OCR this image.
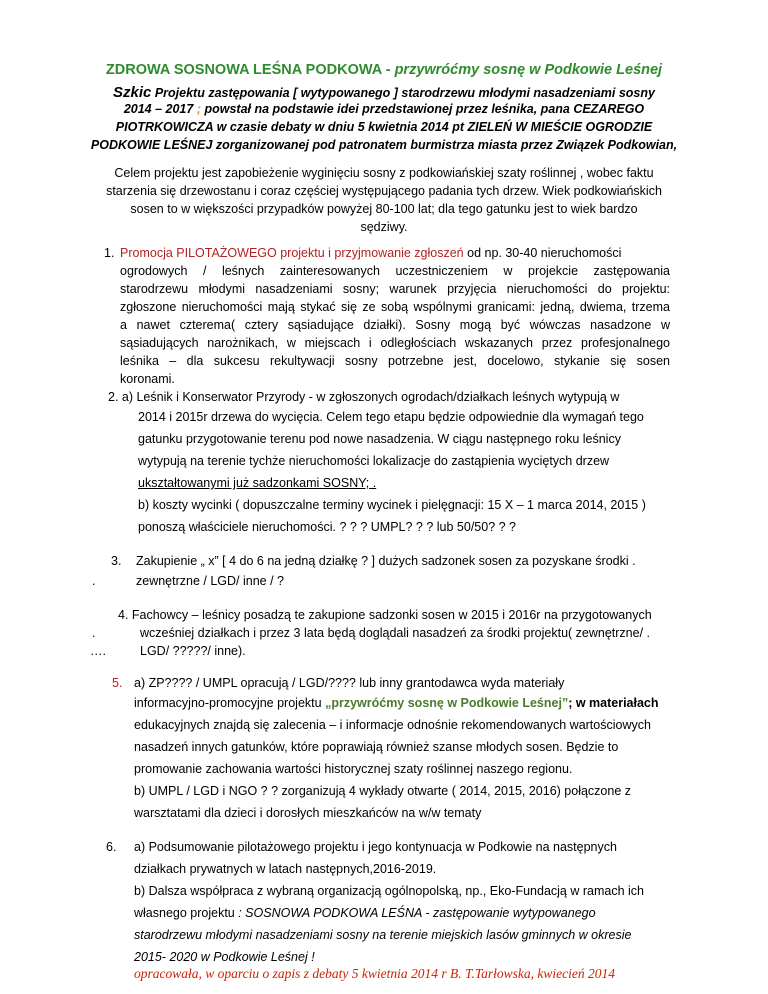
ZDROWA SOSNOWA LEŚNA PODKOWA - przywróćmy sosnę w Podkowie Leśnej
Szkic Projektu zastępowania [ wytypowanego ] starodrzewu młodymi nasadzeniami sosny
2014 – 2017 ; powstał na podstawie idei przedstawionej przez leśnika, pana CEZAREGO
PIOTRKOWICZA w czasie debaty w dniu 5 kwietnia 2014 pt ZIELEŃ W MIEŚCIE OGRODZIE
PODKOWIE LEŚNEJ zorganizowanej pod patronatem burmistrza miasta przez Związek Podkowian,
Celem projektu jest zapobieżenie wyginięciu sosny z podkowiańskiej szaty roślinnej , wobec faktu
starzenia się drzewostanu i coraz częściej występującego padania tych drzew. Wiek podkowiańskich
sosen to w większości przypadków powyżej 80-100 lat; dla tego gatunku jest to wiek bardzo
sędziwy.
1. Promocja PILOTAŻOWEGO projektu i przyjmowanie zgłoszeń od np. 30-40 nieruchomości
ogrodowych / leśnych zainteresowanych uczestniczeniem w projekcie zastępowania
starodrzewu młodymi nasadzeniami sosny; warunek przyjęcia nieruchomości do projektu:
zgłoszone nieruchomości mają stykać się ze sobą wspólnymi granicami: jedną, dwiema, trzema
a nawet czterema( cztery sąsiadujące działki). Sosny mogą być wówczas nasadzone w
sąsiadujących narożnikach, w miejscach i odległościach wskazanych przez profesjonalnego
leśnika – dla sukcesu rekultywacji sosny potrzebne jest, docelowo, stykanie się sosen
koronami.
2. a) Leśnik i Konserwator Przyrody - w zgłoszonych ogrodach/działkach leśnych wytypują w
2014 i 2015r drzewa do wycięcia. Celem tego etapu będzie odpowiednie dla wymagań tego
gatunku przygotowanie terenu pod nowe nasadzenia. W ciągu następnego roku leśnicy
wytypują na terenie tychże nieruchomości lokalizacje do zastąpienia wyciętych drzew
ukształtowanymi już sadzonkami SOSNY; .
b) koszty wycinki ( dopuszczalne terminy wycinek i pielęgnacji: 15 X – 1 marca 2014, 2015 )
ponoszą właściciele nieruchomości. ? ? ? UMPL? ? ? lub 50/50? ? ?
3. Zakupienie „ x” [ 4 do 6 na jedną działkę ? ] dużych sadzonek sosen za pozyskane środki .
.	zewnętrzne / LGD/ inne / ?
4. Fachowcy – leśnicy posadzą te zakupione sadzonki sosen w 2015 i 2016r na przygotowanych
.	wcześniej działkach i przez 3 lata będą doglądali nasadzeń za środki projektu( zewnętrzne/ .
….	LGD/ ?????/ inne).
5. a) ZP???? / UMPL opracują / LGD/???? lub inny grantodawca wyda materiały
informacyjno-promocyjne projektu „przywróćmy sosnę w Podkowie Leśnej”; w materiałach
edukacyjnych znajdą się zalecenia – i informacje odnośnie rekomendowanych wartościowych
nasadzeń innych gatunków, które poprawiają również szanse młodych sosen. Będzie to
promowanie zachowania wartości historycznej szaty roślinnej naszego regionu.
b) UMPL / LGD i NGO ? ? zorganizują 4 wykłady otwarte ( 2014, 2015, 2016) połączone z
warsztatami dla dzieci i dorosłych mieszkańców na w/w tematy
6. a) Podsumowanie pilotażowego projektu i jego kontynuacja w Podkowie na następnych
działkach prywatnych w latach następnych,2016-2019.
b) Dalsza współpraca z wybraną organizacją ogólnopolską, np., Eko-Fundacją w ramach ich
własnego projektu : SOSNOWA PODKOWA LEŚNA - zastępowanie wytypowanego
starodrzewu młodymi nasadzeniami sosny na terenie miejskich lasów gminnych w okresie
2015- 2020 w Podkowie Leśnej !
opracowała, w oparciu o zapis z debaty 5 kwietnia 2014 r B. T.Tarłowska, kwiecień 2014
